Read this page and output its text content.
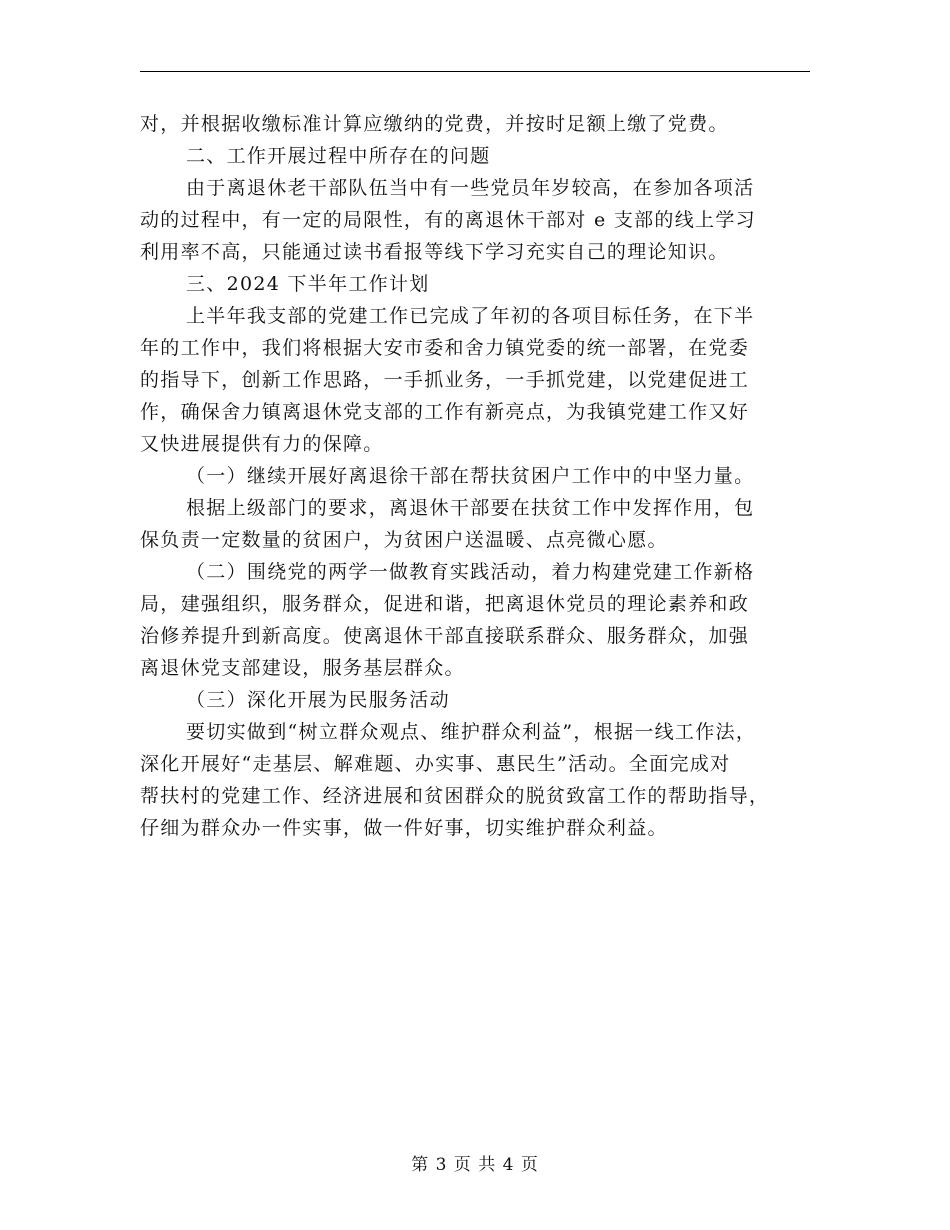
对，并根据收缴标准计算应缴纳的党费，并按时足额上缴了党费。
二、工作开展过程中所存在的问题
由于离退休老干部队伍当中有一些党员年岁较高，在参加各项活
动的过程中，有一定的局限性，有的离退休干部对 e 支部的线上学习
利用率不高，只能通过读书看报等线下学习充实自己的理论知识。
三、2024 下半年工作计划
上半年我支部的党建工作已完成了年初的各项目标任务，在下半
年的工作中，我们将根据大安市委和舍力镇党委的统一部署，在党委
的指导下，创新工作思路，一手抓业务，一手抓党建，以党建促进工
作，确保舍力镇离退休党支部的工作有新亮点，为我镇党建工作又好
又快进展提供有力的保障。
（一）继续开展好离退徐干部在帮扶贫困户工作中的中坚力量。
根据上级部门的要求，离退休干部要在扶贫工作中发挥作用，包
保负责一定数量的贫困户，为贫困户送温暖、点亮微心愿。
（二）围绕党的两学一做教育实践活动，着力构建党建工作新格
局，建强组织，服务群众，促进和谐，把离退休党员的理论素养和政
治修养提升到新高度。使离退休干部直接联系群众、服务群众，加强
离退休党支部建设，服务基层群众。
（三）深化开展为民服务活动
要切实做到“树立群众观点、维护群众利益”，根据一线工作法，
深化开展好“走基层、解难题、办实事、惠民生”活动。全面完成对
帮扶村的党建工作、经济进展和贫困群众的脱贫致富工作的帮助指导，
仔细为群众办一件实事，做一件好事，切实维护群众利益。
第 3 页 共 4 页
